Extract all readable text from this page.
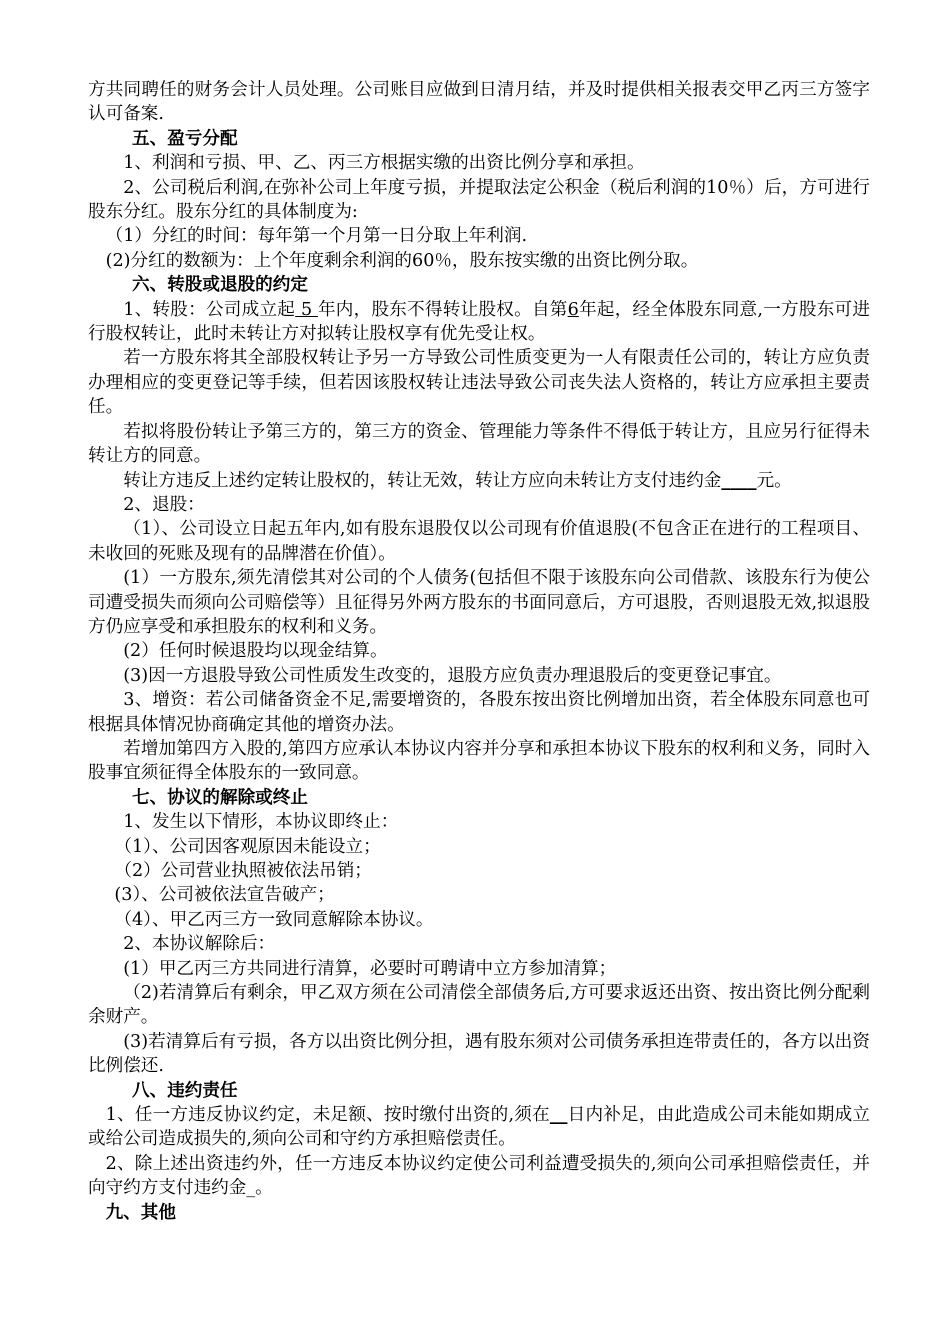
方共同聘任的财务会计人员处理。公司账目应做到日清月结，并及时提供相关报表交甲乙丙三方签字认可备案.

五、盈亏分配

1、利润和亏损、甲、乙、丙三方根据实缴的出资比例分享和承担。

2、公司税后利润,在弥补公司上年度亏损，并提取法定公积金（税后利润的10％）后，方可进行股东分红。股东分红的具体制度为:

（1）分红的时间：每年第一个月第一日分取上年利润.

(2)分红的数额为：上个年度剩余利润的60％，股东按实缴的出资比例分取。

六、转股或退股的约定

1、转股：公司成立起 5 年内，股东不得转让股权。自第6年起，经全体股东同意,一方股东可进行股权转让，此时未转让方对拟转让股权享有优先受让权。

若一方股东将其全部股权转让予另一方导致公司性质变更为一人有限责任公司的，转让方应负责办理相应的变更登记等手续，但若因该股权转让违法导致公司丧失法人资格的，转让方应承担主要责任。

若拟将股份转让予第三方的，第三方的资金、管理能力等条件不得低于转让方，且应另行征得未转让方的同意。

转让方违反上述约定转让股权的，转让无效，转让方应向未转让方支付违约金____元。

2、退股：

（1）、公司设立日起五年内,如有股东退股仅以公司现有价值退股(不包含正在进行的工程项目、未收回的死账及现有的品牌潜在价值）。

(1）一方股东,须先清偿其对公司的个人债务(包括但不限于该股东向公司借款、该股东行为使公司遭受损失而须向公司赔偿等）且征得另外两方股东的书面同意后，方可退股，否则退股无效,拟退股方仍应享受和承担股东的权利和义务。

(2）任何时候退股均以现金结算。

(3)因一方退股导致公司性质发生改变的，退股方应负责办理退股后的变更登记事宜。

3、增资：若公司储备资金不足,需要增资的，各股东按出资比例增加出资，若全体股东同意也可根据具体情况协商确定其他的增资办法。

若增加第四方入股的,第四方应承认本协议内容并分享和承担本协议下股东的权利和义务，同时入股事宜须征得全体股东的一致同意。

七、协议的解除或终止

1、发生以下情形，本协议即终止：

（1）、公司因客观原因未能设立；

（2）公司营业执照被依法吊销；

(3）、公司被依法宣告破产；

（4）、甲乙丙三方一致同意解除本协议。

2、本协议解除后：

(1）甲乙丙三方共同进行清算，必要时可聘请中立方参加清算；

（2)若清算后有剩余，甲乙双方须在公司清偿全部债务后,方可要求返还出资、按出资比例分配剩余财产。

(3)若清算后有亏损，各方以出资比例分担，遇有股东须对公司债务承担连带责任的，各方以出资比例偿还.

八、违约责任

1、任一方违反协议约定，未足额、按时缴付出资的,须在__日内补足，由此造成公司未能如期成立或给公司造成损失的,须向公司和守约方承担赔偿责任。

2、除上述出资违约外，任一方违反本协议约定使公司利益遭受损失的,须向公司承担赔偿责任，并向守约方支付违约金_。

九、其他
